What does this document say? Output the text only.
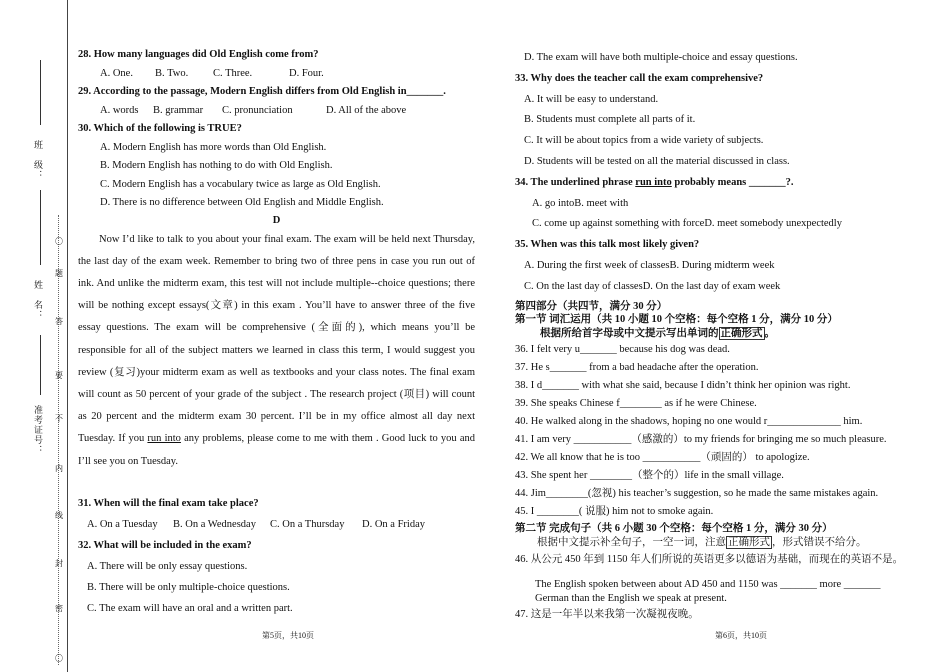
班　级：
姓　名：
准考证号：
〇
题
答
要
不
内
线
封
密
〇

28. How many languages did Old English come from?

A. One. B. Two. C. Three.	D. Four.

29. According to the passage, Modern English differs from Old English in_______.

A. words B. grammar C. pronunciation	D. All of the above

30. Which of the following is TRUE?

A. Modern English has more words than Old English.

B. Modern English has nothing to do with Old English.

C. Modern English has a vocabulary twice as large as Old English.

D. There is no difference between Old English and Middle English.

D

Now I’d like to talk to you about your final exam. The exam will be held next Thursday, the last day of the exam week. Remember to bring two of three pens in case you run out of ink. And unlike the midterm exam, this test will not include multiple--choice questions; there will be nothing except essays(文章) in this exam . You’ll have to answer three of the five essay questions. The exam will be comprehensive (全面的), which means you’ll be responsible for all of the subject matters we learned in class this term, I would suggest you review (复习)your midterm exam as well as textbooks and your class notes. The final exam will count as 50 percent of your grade of the subject . The research project (项目) will count as 20 percent and the midterm exam 30 percent. I’ll be in my office almost all day next Tuesday. If you run into any problems, please come to me with them . Good luck to you and I’ll see you on Tuesday.

31. When will the final exam take place?

A. On a Tuesday B. On a Wednesday C. On a Thursday D. On a Friday

32. What will be included in the exam?

A. There will be only essay questions.

B. There will be only multiple-choice questions.

C. The exam will have an oral and a written part.

第5页，共10页

D. The exam will have both multiple-choice and essay questions.

33. Why does the teacher call the exam comprehensive?

A. It will be easy to understand.

B. Students must complete all parts of it.

C. It will be about topics from a wide variety of subjects.

D. Students will be tested on all the material discussed in class.

34. The underlined phrase run into probably means _______?.

A. go intoB. meet with

C. come up against something with forceD. meet somebody unexpectedly

35. When was this talk most likely given?

A. During the first week of classesB. During midterm week

C. On the last day of classesD. On the last day of exam week

第四部分（共四节，满分 30 分）

第一节 词汇运用（共 10 小题 10 个空格：每个空格 1 分，满分 10 分）

根据所给首字母或中文提示写出单词的 正确形式 。

36. I felt very u_______ because his dog was dead.

37. He s_______ from a bad headache after the operation.

38. I d_______ with what she said, because I didn’t think her opinion was right.

39. She speaks Chinese f________ as if he were Chinese.

40. He walked along in the shadows, hoping no one would r______________ him.

41. I am very ___________（感激的）to my friends for bringing me so much pleasure.

42. We all know that he is too ___________（顽固的） to apologize.

43. She spent her ________（整个的）life in the small village.

44. Jim________(忽视) his teacher’s suggestion, so he made the same mistakes again.

45. I ________( 说服) him not to smoke again.

第二节 完成句子（共 6 小题 30 个空格：每个空格 1 分，满分 30 分）

根据中文提示补全句子，一空一词，注意 正确形式 ，形式错误不给分。

46. 从公元 450 年到 1150 年人们所说的英语更多以德语为基础，而现在的英语不是。

The English spoken between about AD 450 and 1150 was _______ more _______

German than the English we speak at present.

47. 这是一年半以来我第一次凝视夜晚。

第6页，共10页
